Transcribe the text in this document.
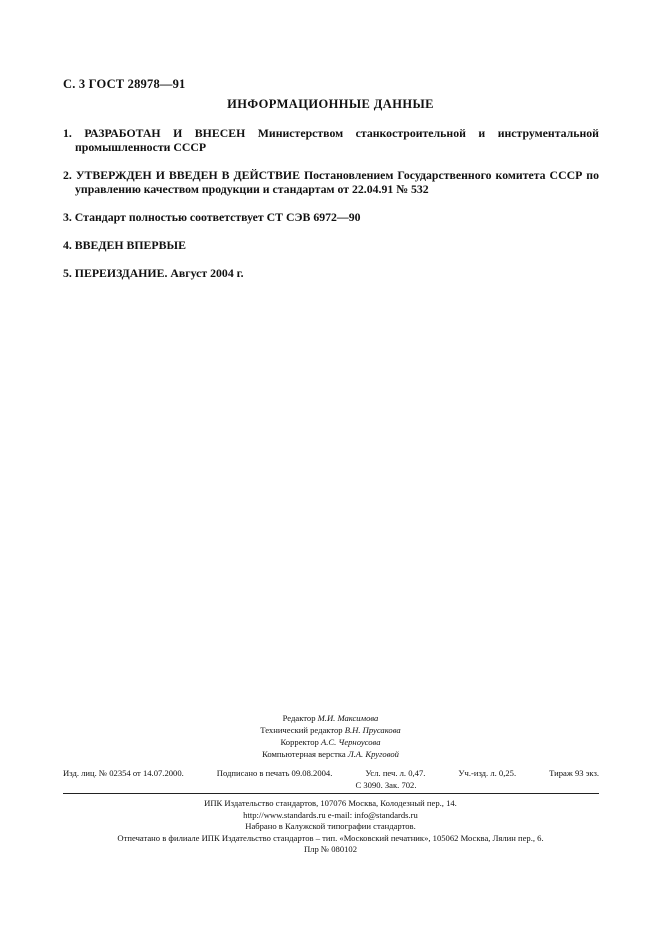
С. 3 ГОСТ 28978—91
ИНФОРМАЦИОННЫЕ ДАННЫЕ
1. РАЗРАБОТАН И ВНЕСЕН Министерством станкостроительной и инструментальной промышленности СССР
2. УТВЕРЖДЕН И ВВЕДЕН В ДЕЙСТВИЕ Постановлением Государственного комитета СССР по управлению качеством продукции и стандартам от 22.04.91 № 532
3. Стандарт полностью соответствует СТ СЭВ 6972—90
4. ВВЕДЕН ВПЕРВЫЕ
5. ПЕРЕИЗДАНИЕ. Август 2004 г.
Редактор М.И. Максимова
Технический редактор В.Н. Прусакова
Корректор А.С. Черноусова
Компьютерная верстка Л.А. Круговой
Изд. лиц. № 02354 от 14.07.2000.	Подписано в печать 09.08.2004.	Усл. печ. л. 0,47.	Уч.-изд. л. 0,25.	Тираж 93 экз.
С 3090. Зак. 702.
ИПК Издательство стандартов, 107076 Москва, Колодезный пер., 14.
http://www.standards.ru e-mail: info@standards.ru
Набрано в Калужской типографии стандартов.
Отпечатано в филиале ИПК Издательство стандартов – тип. «Московский печатник», 105062 Москва, Лялин пер., 6.
Плр № 080102
